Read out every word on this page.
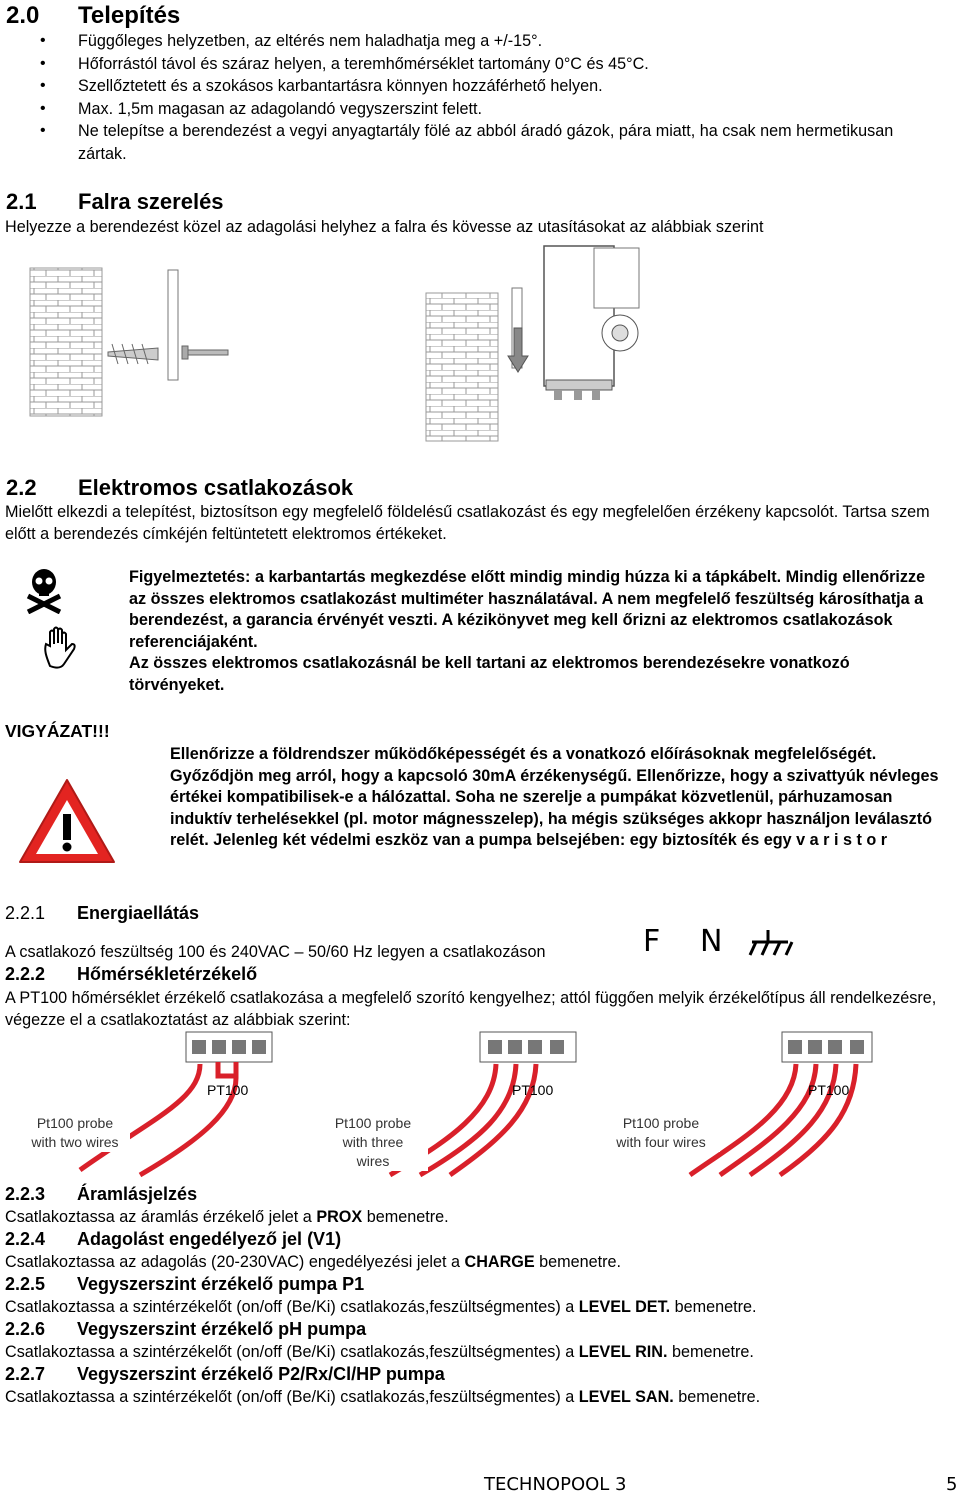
2.0 Telepítés
• Függőleges helyzetben, az eltérés nem haladhatja meg a +/-15°.
• Hőforrástól távol és száraz helyen, a teremhőmérséklet tartomány 0°C és 45°C.
• Szellőztetett és a szokásos karbantartásra könnyen hozzáférhető helyen.
• Max. 1,5m magasan az adagolandó vegyszerszint felett.
• Ne telepítse a berendezést a vegyi anyagtartály fölé az abból áradó gázok, pára miatt, ha csak nem hermetikusan zártak.
2.1 Falra szerelés
Helyezze a berendezést közel az adagolási helyhez a falra és kövesse az utasításokat az alábbiak szerint
2.2 Elektromos csatlakozások
Mielőtt elkezdi a telepítést, biztosítson egy megfelelő földelésű csatlakozást és egy megfelelően érzékeny kapcsolót. Tartsa szem előtt a berendezés címkéjén feltüntetett elektromos értékeket.
Figyelmeztetés: a karbantartás megkezdése előtt mindig mindig húzza ki a tápkábelt. Mindig ellenőrizze az összes elektromos csatlakozást multiméter használatával. A nem megfelelő feszültség károsíthatja a berendezést, a garancia érvényét veszti. A kézikönyvet meg kell őrizni az elektromos csatlakozások referenciájaként.
Az összes elektromos csatlakozásnál be kell tartani az elektromos berendezésekre vonatkozó törvényeket.
VIGYÁZAT!!!
Ellenőrizze a földrendszer működőképességét és a vonatkozó előírásoknak megfelelőségét. Győződjön meg arról, hogy a kapcsoló 30mA érzékenységű. Ellenőrizze, hogy a szivattyúk névleges értékei kompatibilisek-e a hálózattal. Soha ne szerelje a pumpákat közvetlenül, párhuzamosan induktív terhelésekkel (pl. motor mágnesszelep), ha mégis szükséges akkopr használjon leválasztó relét. Jelenleg két védelmi eszköz van a pumpa belsejében: egy biztosíték és egy v a r i s t o r
2.2.1 Energiaellátás
A csatlakozó feszültség 100 és 240VAC – 50/60 Hz legyen a csatlakozáson	F N
2.2.2 Hőmérsékletérzékelő
A PT100 hőmérséklet érzékelő csatlakozása a megfelelő szorító kengyelhez; attól függően melyik érzékelőtípus áll rendelkezésre, végezze el a csatlakoztatást az alábbiak szerint:
PT100	PT100	PT100
Pt100 probe
with two wires
Pt100 probe
with three
wires
Pt100 probe
with four wires
2.2.3 Áramlásjelzés
Csatlakoztassa az áramlás érzékelő jelet a PROX bemenetre.
2.2.4 Adagolást engedélyező jel (V1)
Csatlakoztassa az adagolás (20-230VAC) engedélyezési jelet a CHARGE bemenetre.
2.2.5 Vegyszerszint érzékelő pumpa P1
Csatlakoztassa a szintérzékelőt (on/off (Be/Ki) csatlakozás,feszültségmentes) a LEVEL DET. bemenetre.
2.2.6 Vegyszerszint érzékelő pH pumpa
Csatlakoztassa a szintérzékelőt (on/off (Be/Ki) csatlakozás,feszültségmentes) a LEVEL RIN. bemenetre.
2.2.7 Vegyszerszint érzékelő P2/Rx/Cl/HP pumpa
Csatlakoztassa a szintérzékelőt (on/off (Be/Ki) csatlakozás,feszültségmentes) a LEVEL SAN. bemenetre.
TECHNOPOOL 3	5
